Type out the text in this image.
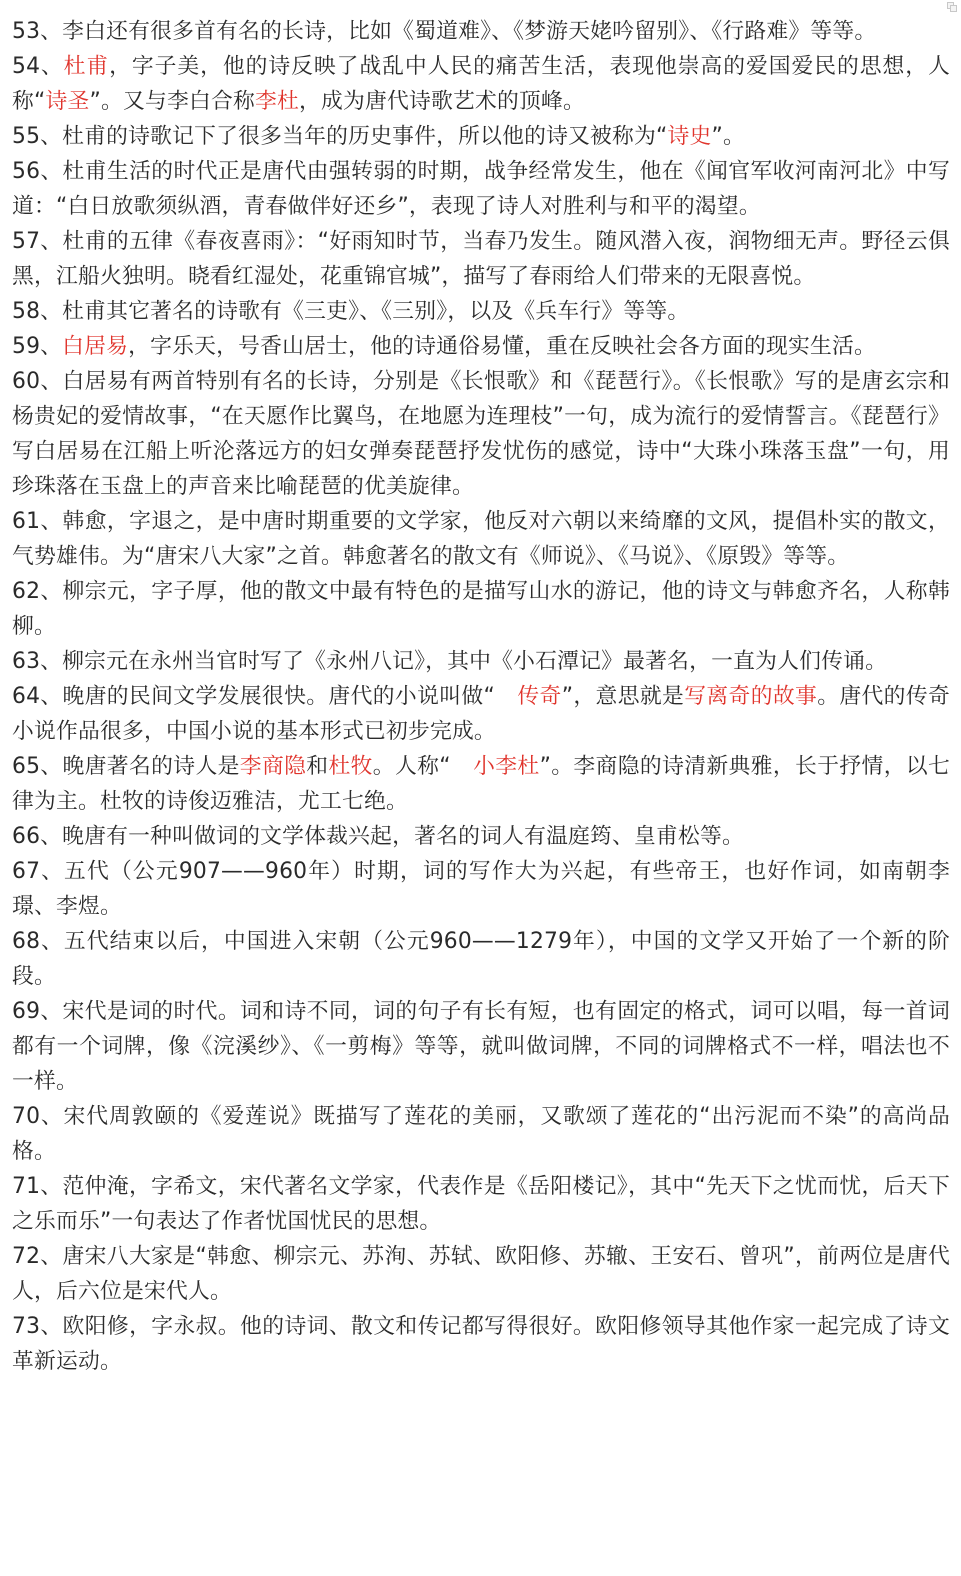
53、李白还有很多首有名的长诗，比如《蜀道难》、《梦游天姥吟留别》、《行路难》等等。

54、杜甫，字子美，他的诗反映了战乱中人民的痛苦生活，表现他崇高的爱国爱民的思想，人称“诗圣”。又与李白合称李杜，成为唐代诗歌艺术的顶峰。

55、杜甫的诗歌记下了很多当年的历史事件，所以他的诗又被称为“诗史”。

56、杜甫生活的时代正是唐代由强转弱的时期，战争经常发生，他在《闻官军收河南河北》中写道：“白日放歌须纵酒，青春做伴好还乡”，表现了诗人对胜利与和平的渴望。

57、杜甫的五律《春夜喜雨》：“好雨知时节，当春乃发生。随风潜入夜，润物细无声。野径云俱黑，江船火独明。晓看红湿处，花重锦官城”，描写了春雨给人们带来的无限喜悦。

58、杜甫其它著名的诗歌有《三吏》、《三别》，以及《兵车行》等等。

59、白居易，字乐天，号香山居士，他的诗通俗易懂，重在反映社会各方面的现实生活。

60、白居易有两首特别有名的长诗，分别是《长恨歌》和《琵琶行》。《长恨歌》写的是唐玄宗和杨贵妃的爱情故事，“在天愿作比翼鸟，在地愿为连理枝”一句，成为流行的爱情誓言。《琵琶行》写白居易在江船上听沦落远方的妇女弹奏琵琶抒发忧伤的感觉，诗中“大珠小珠落玉盘”一句，用珍珠落在玉盘上的声音来比喻琵琶的优美旋律。

61、韩愈，字退之，是中唐时期重要的文学家，他反对六朝以来绮靡的文风，提倡朴实的散文，气势雄伟。为“唐宋八大家”之首。韩愈著名的散文有《师说》、《马说》、《原毁》等等。

62、柳宗元，字子厚，他的散文中最有特色的是描写山水的游记，他的诗文与韩愈齐名，人称韩柳。

63、柳宗元在永州当官时写了《永州八记》，其中《小石潭记》最著名，一直为人们传诵。

64、晚唐的民间文学发展很快。唐代的小说叫做“　传奇”，意思就是写离奇的故事。唐代的传奇小说作品很多，中国小说的基本形式已初步完成。

65、晚唐著名的诗人是李商隐和杜牧。人称“　小李杜”。李商隐的诗清新典雅，长于抒情，以七律为主。杜牧的诗俊迈雅洁，尤工七绝。

66、晚唐有一种叫做词的文学体裁兴起，著名的词人有温庭筠、皇甫松等。

67、五代（公元907——960年）时期，词的写作大为兴起，有些帝王，也好作词，如南朝李璟、李煜。

68、五代结束以后，中国进入宋朝（公元960——1279年），中国的文学又开始了一个新的阶段。

69、宋代是词的时代。词和诗不同，词的句子有长有短，也有固定的格式，词可以唱，每一首词都有一个词牌，像《浣溪纱》、《一剪梅》等等，就叫做词牌，不同的词牌格式不一样，唱法也不一样。

70、宋代周敦颐的《爱莲说》既描写了莲花的美丽，又歌颂了莲花的“出污泥而不染”的高尚品格。

71、范仲淹，字希文，宋代著名文学家，代表作是《岳阳楼记》，其中“先天下之忧而忧，后天下之乐而乐”一句表达了作者忧国忧民的思想。

72、唐宋八大家是“韩愈、柳宗元、苏洵、苏轼、欧阳修、苏辙、王安石、曾巩”，前两位是唐代人，后六位是宋代人。

73、欧阳修，字永叔。他的诗词、散文和传记都写得很好。欧阳修领导其他作家一起完成了诗文革新运动。
